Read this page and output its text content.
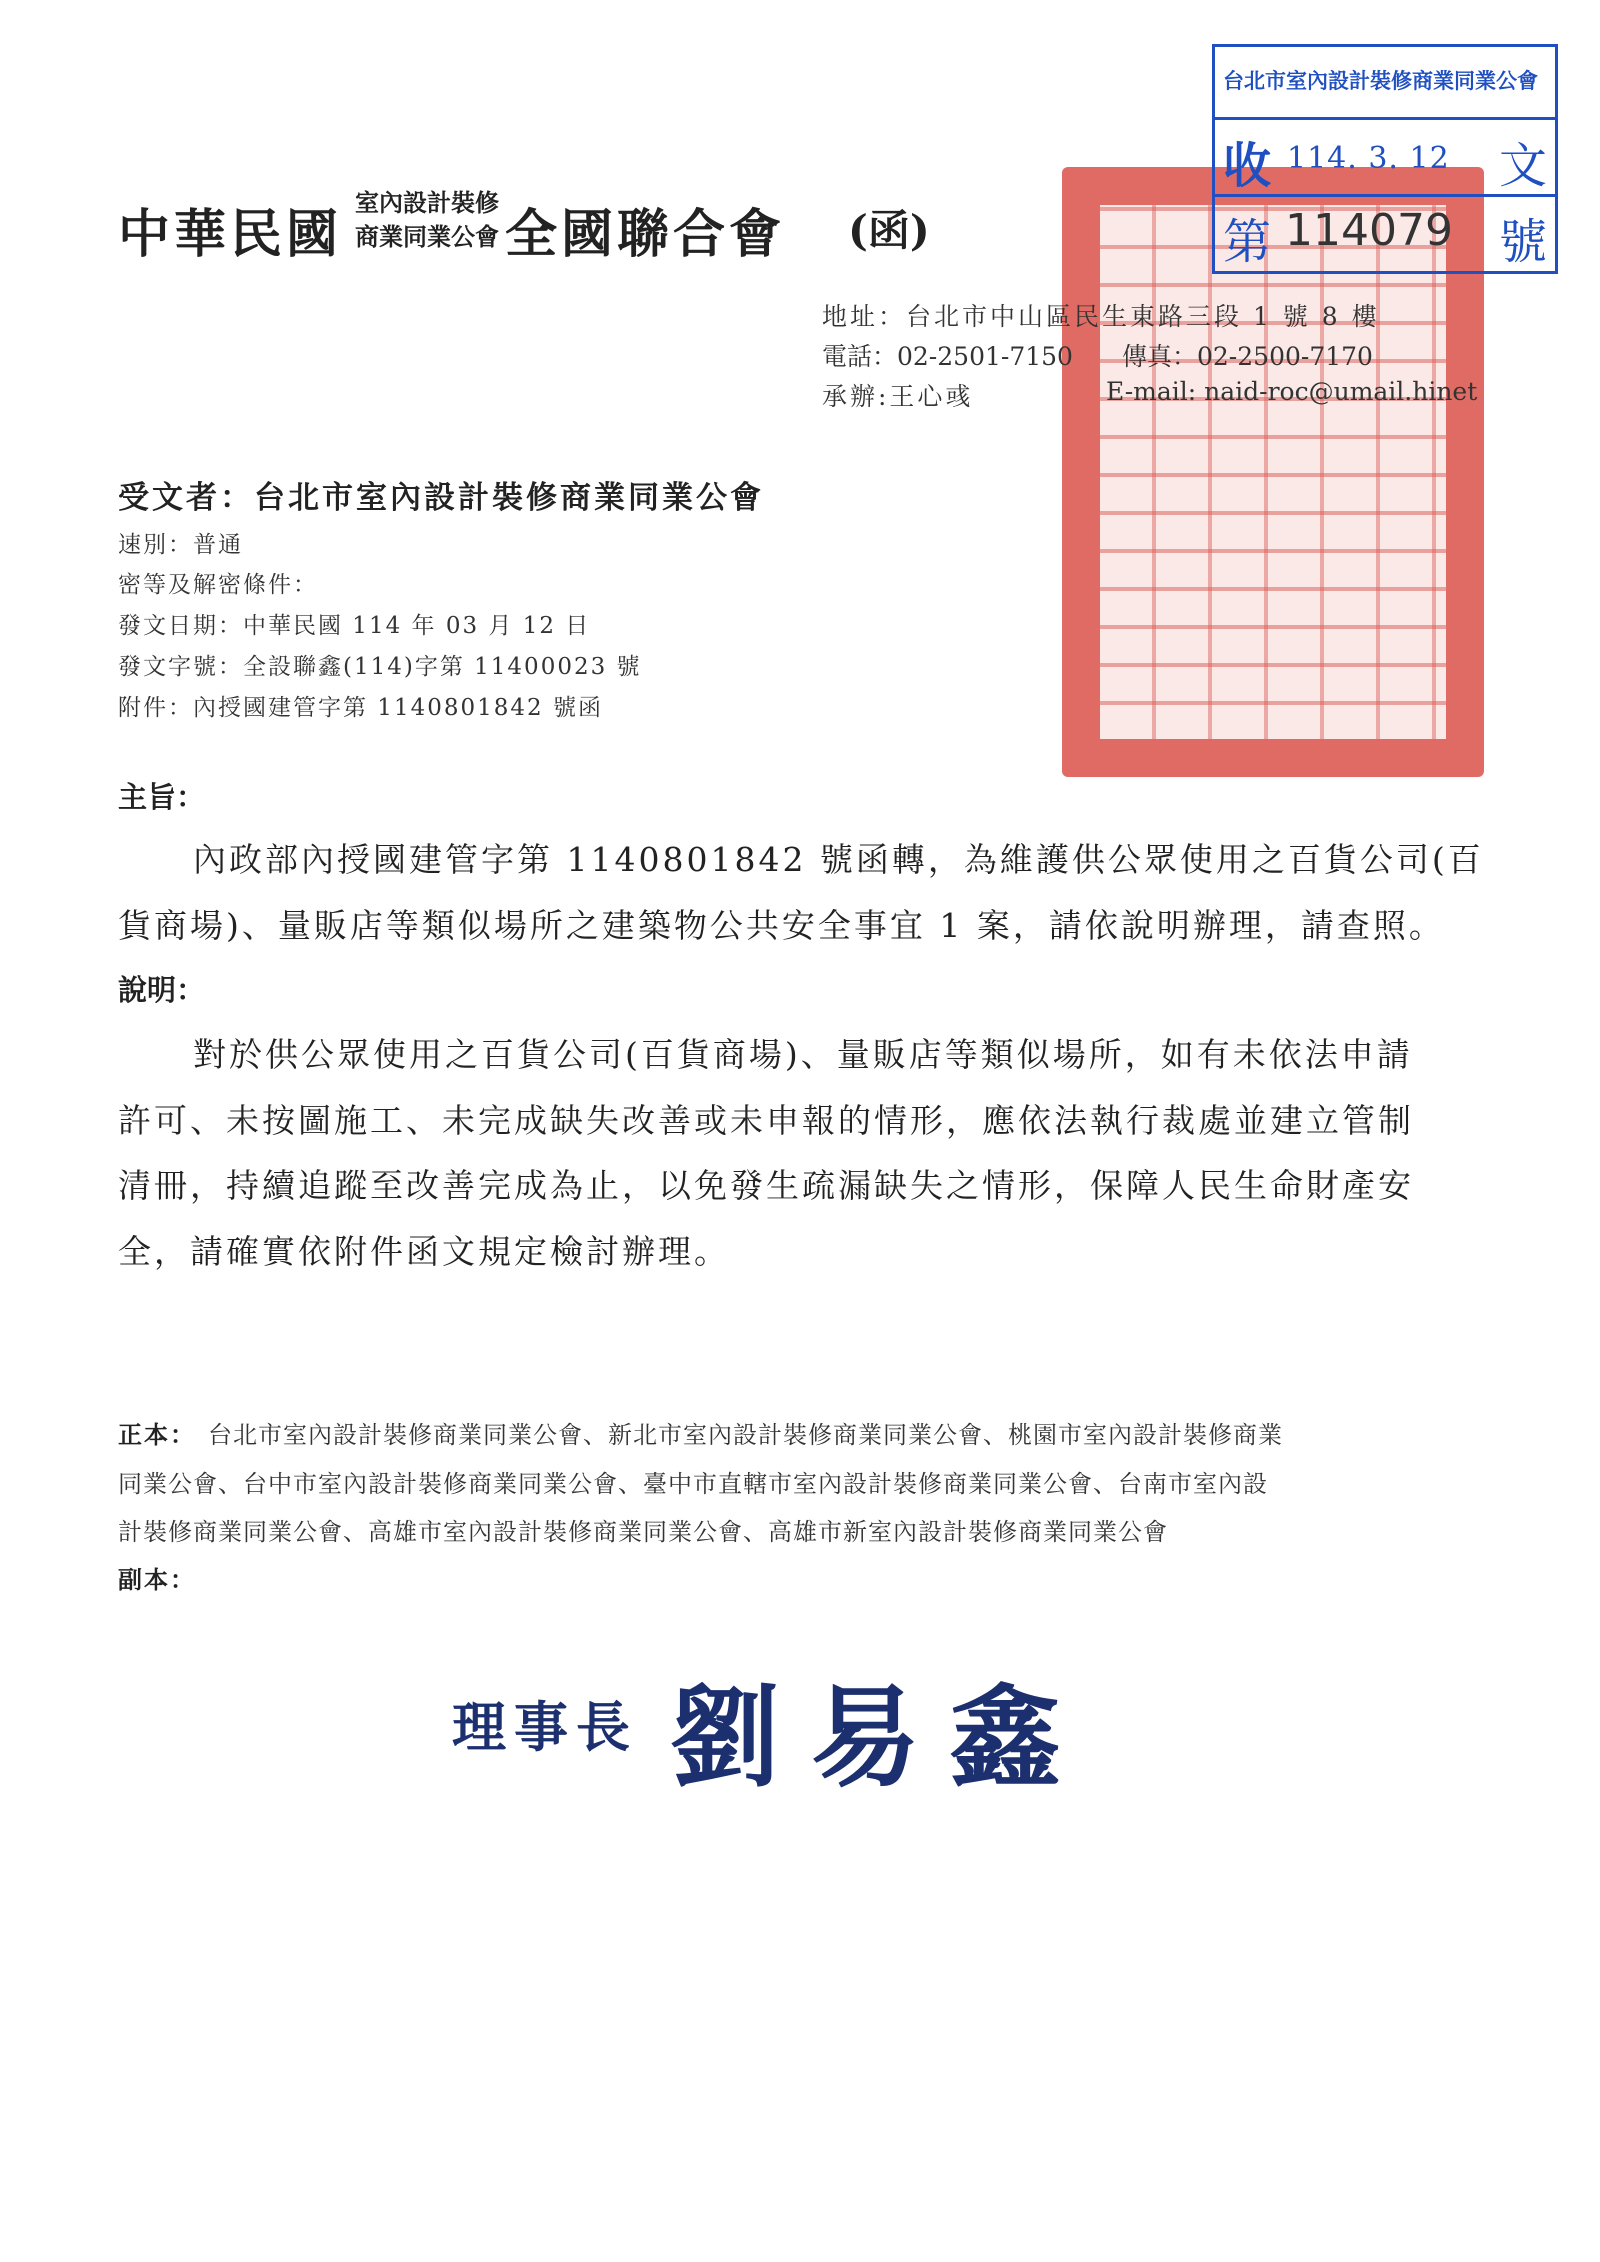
中華民國
室內設計裝修
商業同業公會 全國聯合會 (函)
地址：台北市中山區民生東路三段 1 號 8 樓
電話：02-2501-7150 傳真：02-2500-7170
承辦:王心彧	E-mail: naid-roc@umail.hinet
台北市室內設計裝修商業同業公會
收 114. 3. 12 文
第 114079 號
受文者：台北市室內設計裝修商業同業公會
速別：普通
密等及解密條件：
發文日期：中華民國 114 年 03 月 12 日
發文字號：全設聯鑫(114)字第 11400023 號
附件：內授國建管字第 1140801842 號函
主旨：
內政部內授國建管字第 1140801842 號函轉，為維護供公眾使用之百貨公司(百
貨商場)、量販店等類似場所之建築物公共安全事宜 1 案，請依說明辦理，請查照。
說明：
對於供公眾使用之百貨公司(百貨商場)、量販店等類似場所，如有未依法申請
許可、未按圖施工、未完成缺失改善或未申報的情形，應依法執行裁處並建立管制
清冊，持續追蹤至改善完成為止，以免發生疏漏缺失之情形，保障人民生命財產安
全，請確實依附件函文規定檢討辦理。
正本： 台北市室內設計裝修商業同業公會、新北市室內設計裝修商業同業公會、桃園市室內設計裝修商業
同業公會、台中市室內設計裝修商業同業公會、臺中市直轄市室內設計裝修商業同業公會、台南市室內設
計裝修商業同業公會、高雄市室內設計裝修商業同業公會、高雄市新室內設計裝修商業同業公會
副本：
理事長 劉易鑫
